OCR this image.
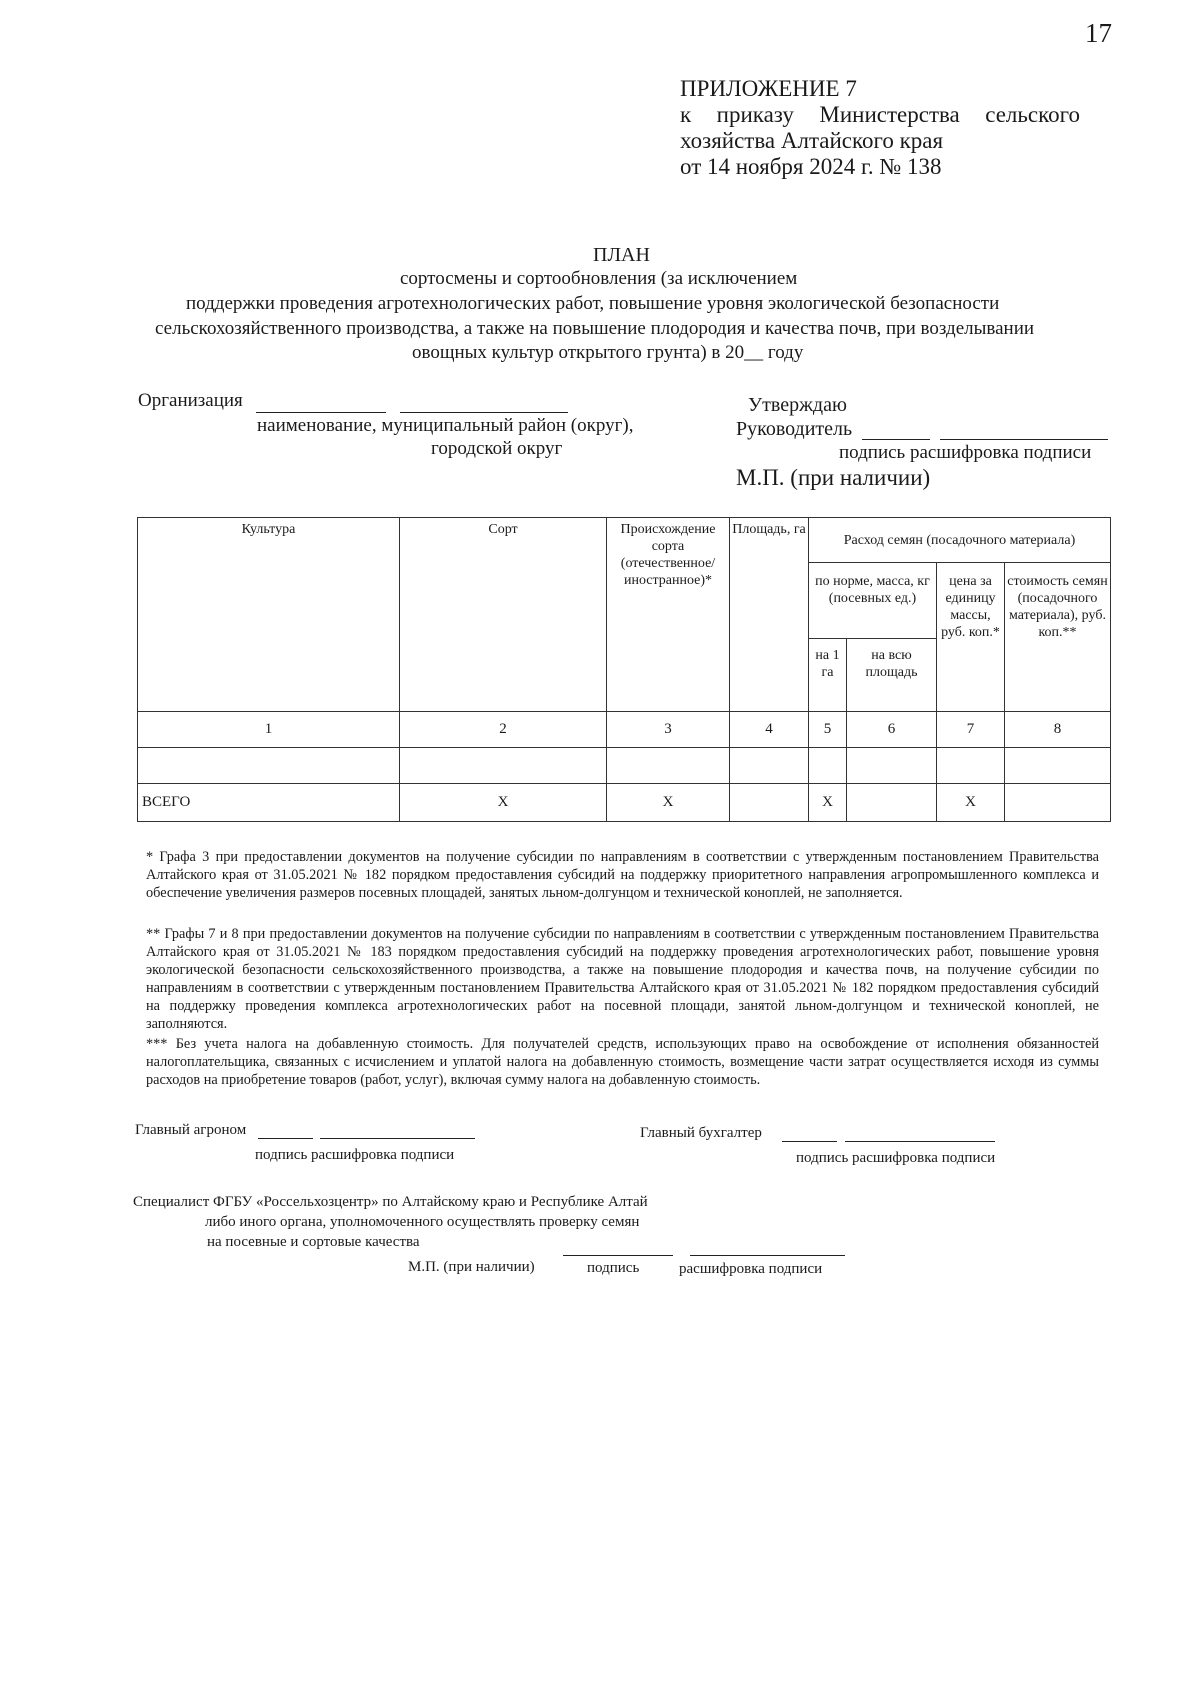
17
ПРИЛОЖЕНИЕ 7
к приказу Министерства сельского
хозяйства Алтайского края
от 14 ноября 2024 г. № 138
ПЛАН
сортосмены и сортообновления (за исключением
поддержки проведения агротехнологических работ, повышение уровня экологической безопасности
сельскохозяйственного производства, а также на повышение плодородия и качества почв, при возделывании
овощных культур открытого грунта) в 20__ году
Организация
наименование, муниципальный район (округ),
городской округ
Утверждаю
Руководитель
подпись расшифровка подписи
М.П. (при наличии)
Культура	Сорт	Происхождение сорта (отечественное/ иностранное)*	Площадь, га	Расход семян (посадочного материала)			
				по норме, масса, кг (посевных ед.)		цена за единицу массы, руб. коп.*	стоимость семян (посадочного материала), руб. коп.**
				на 1 га	на всю площадь		
1	2	3	4	5	6	7	8

ВСЕГО	Х	Х		Х		Х	
* Графа 3 при предоставлении документов на получение субсидии по направлениям в соответствии с утвержденным постановлением Правительства Алтайского края от 31.05.2021 № 182 порядком предоставления субсидий на поддержку приоритетного направления агропромышленного комплекса и обеспечение увеличения размеров посевных площадей, занятых льном-долгунцом и технической коноплей, не заполняется.
** Графы 7 и 8 при предоставлении документов на получение субсидии по направлениям в соответствии с утвержденным постановлением Правительства Алтайского края от 31.05.2021 № 183 порядком предоставления субсидий на поддержку проведения агротехнологических работ, повышение уровня экологической безопасности сельскохозяйственного производства, а также на повышение плодородия и качества почв, на получение субсидии по направлениям в соответствии с утвержденным постановлением Правительства Алтайского края от 31.05.2021 № 182 порядком предоставления субсидий на поддержку проведения комплекса агротехнологических работ на посевной площади, занятой льном-долгунцом и технической коноплей, не заполняются.
*** Без учета налога на добавленную стоимость. Для получателей средств, использующих право на освобождение от исполнения обязанностей налогоплательщика, связанных с исчислением и уплатой налога на добавленную стоимость, возмещение части затрат осуществляется исходя из суммы расходов на приобретение товаров (работ, услуг), включая сумму налога на добавленную стоимость.
Главный агроном
подпись расшифровка подписи
Главный бухгалтер
подпись расшифровка подписи
Специалист ФГБУ «Россельхозцентр» по Алтайскому краю и Республике Алтай
либо иного органа, уполномоченного осуществлять проверку семян
на посевные и сортовые качества
М.П. (при наличии)	подпись	расшифровка подписи
